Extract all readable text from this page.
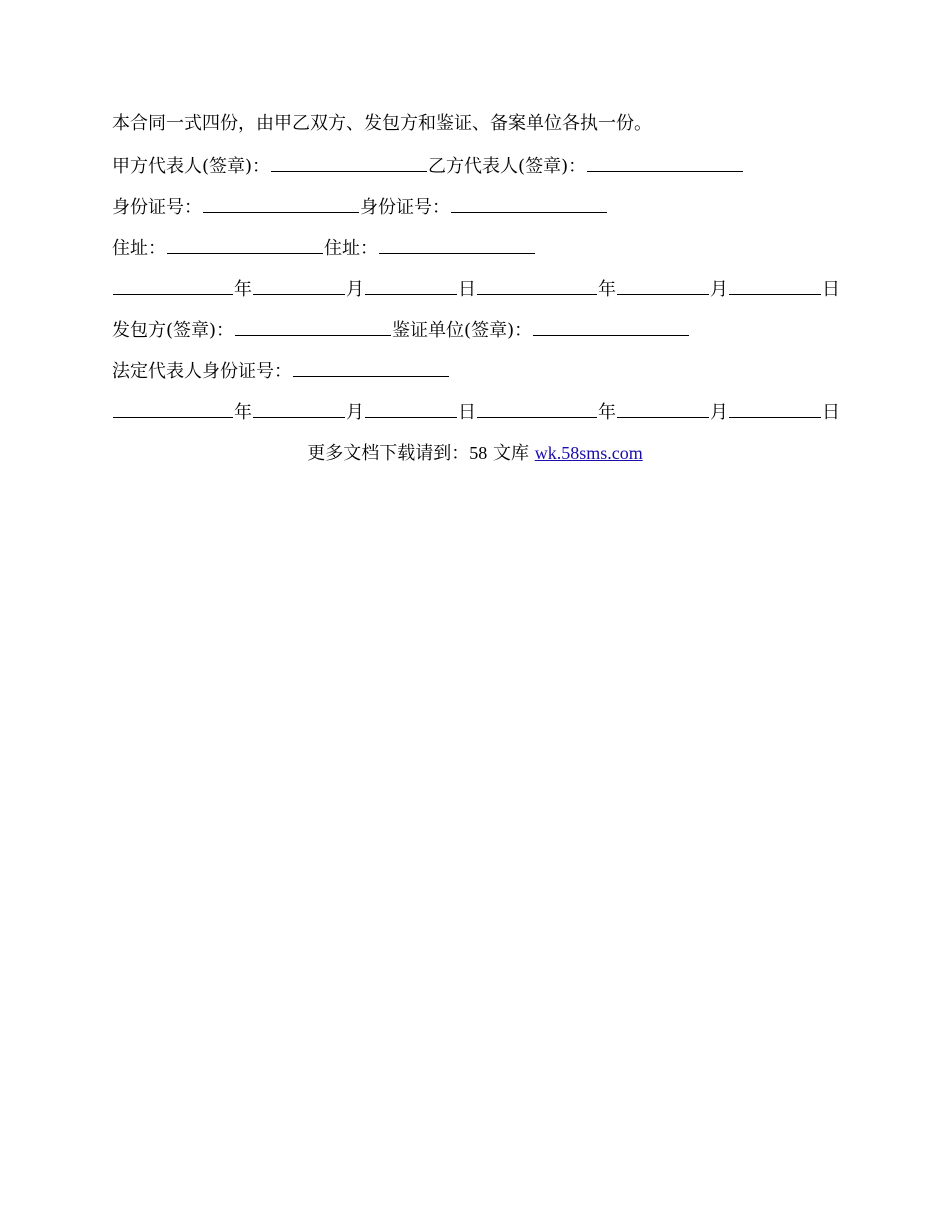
本合同一式四份，由甲乙双方、发包方和鉴证、备案单位各执一份。
甲方代表人(签章)：	乙方代表人(签章)：
身份证号：	身份证号：
住址：	住址：
年	月	日	年	月	日
发包方(签章)：	鉴证单位(签章)：
法定代表人身份证号：
年	月	日	年	月	日
更多文档下载请到：58 文库 wk.58sms.com
